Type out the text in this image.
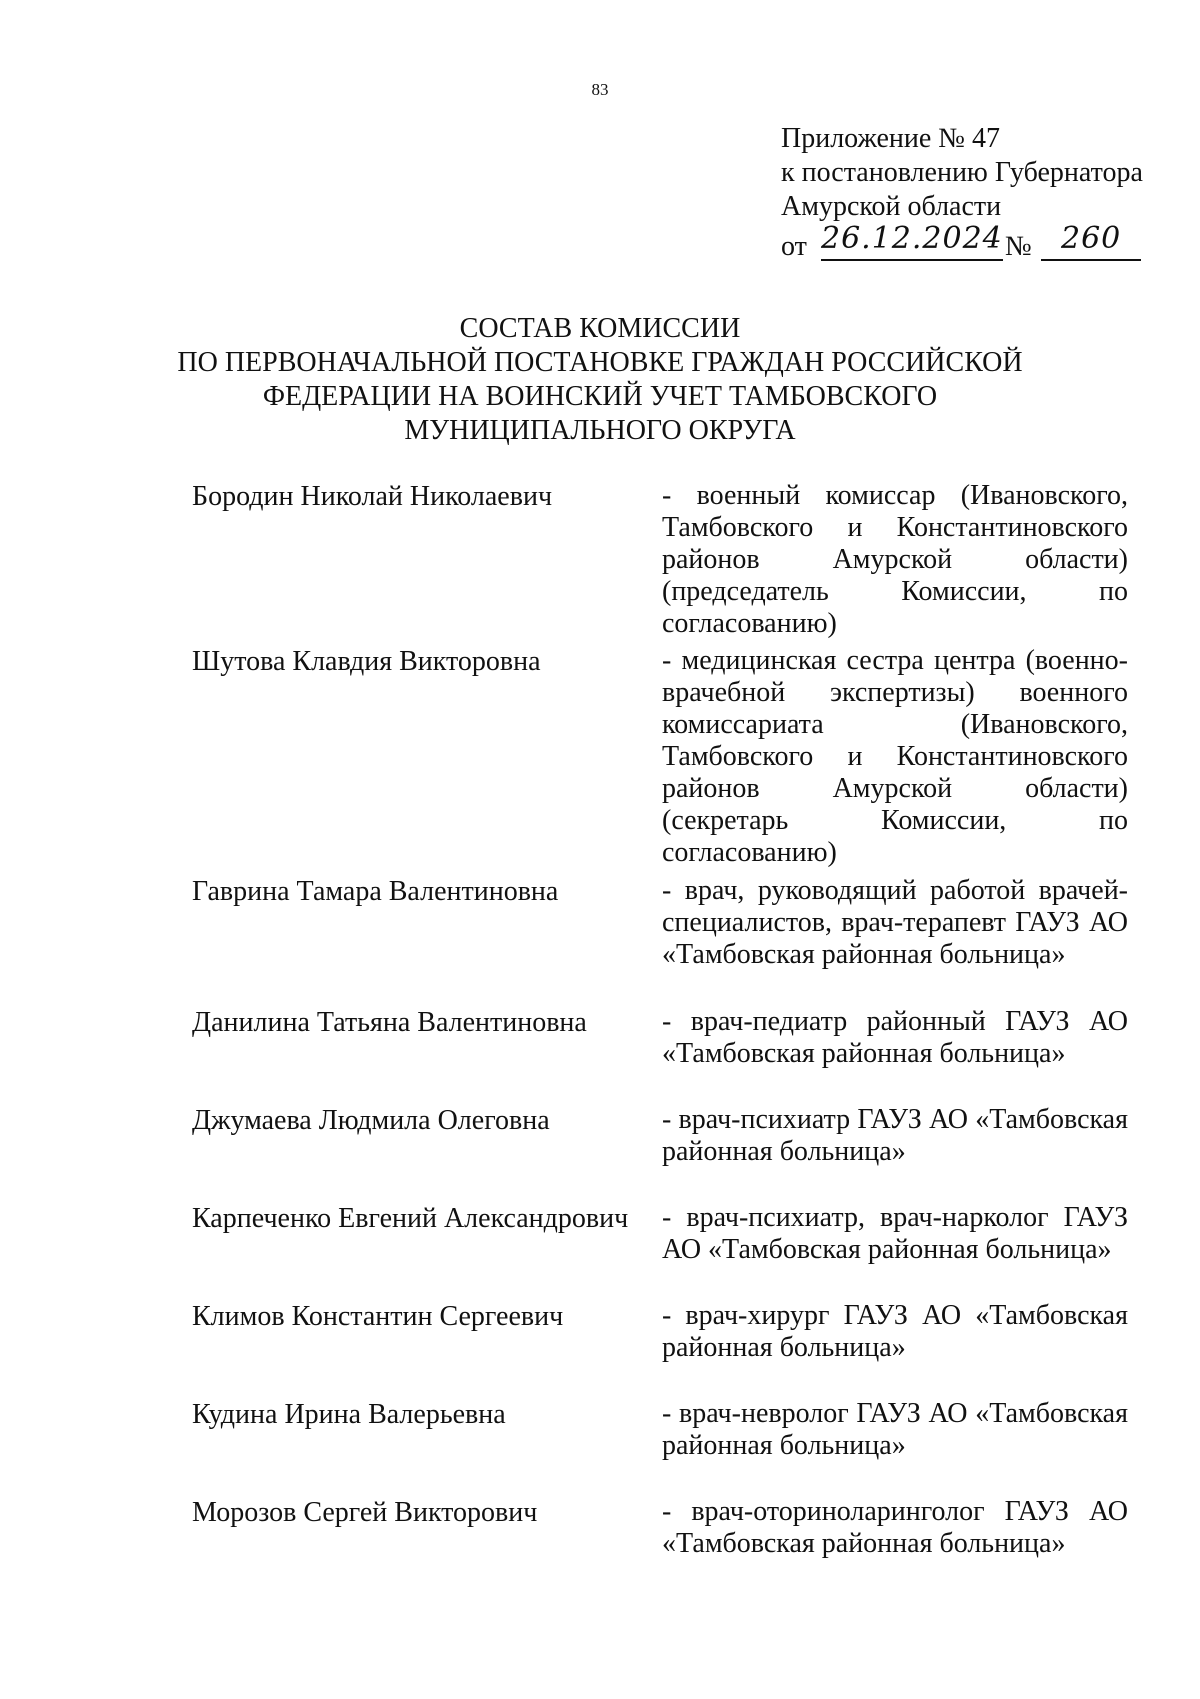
83
Приложение № 47
к постановлению Губернатора
Амурской области
от 26.12.2024 № 260
СОСТАВ КОМИССИИ
ПО ПЕРВОНАЧАЛЬНОЙ ПОСТАНОВКЕ ГРАЖДАН РОССИЙСКОЙ
ФЕДЕРАЦИИ НА ВОИНСКИЙ УЧЕТ ТАМБОВСКОГО
МУНИЦИПАЛЬНОГО ОКРУГА
Бородин Николай Николаевич	- военный комиссар (Ивановского, Тамбовского и Константиновского районов Амурской области) (председатель Комиссии, по согласованию)
Шутова Клавдия Викторовна	- медицинская сестра центра (военно-врачебной экспертизы) военного комиссариата (Ивановского, Тамбовского и Константиновского районов Амурской области) (секретарь Комиссии, по согласованию)
Гаврина Тамара Валентиновна	- врач, руководящий работой врачей-специалистов, врач-терапевт ГАУЗ АО «Тамбовская районная больница»
Данилина Татьяна Валентиновна	- врач-педиатр районный ГАУЗ АО «Тамбовская районная больница»
Джумаева Людмила Олеговна	- врач-психиатр ГАУЗ АО «Тамбовская районная больница»
Карпеченко Евгений Александрович	- врач-психиатр, врач-нарколог ГАУЗ АО «Тамбовская районная больница»
Климов Константин Сергеевич	- врач-хирург ГАУЗ АО «Тамбовская районная больница»
Кудина Ирина Валерьевна	- врач-невролог ГАУЗ АО «Тамбовская районная больница»
Морозов Сергей Викторович	- врач-оториноларинголог ГАУЗ АО «Тамбовская районная больница»
